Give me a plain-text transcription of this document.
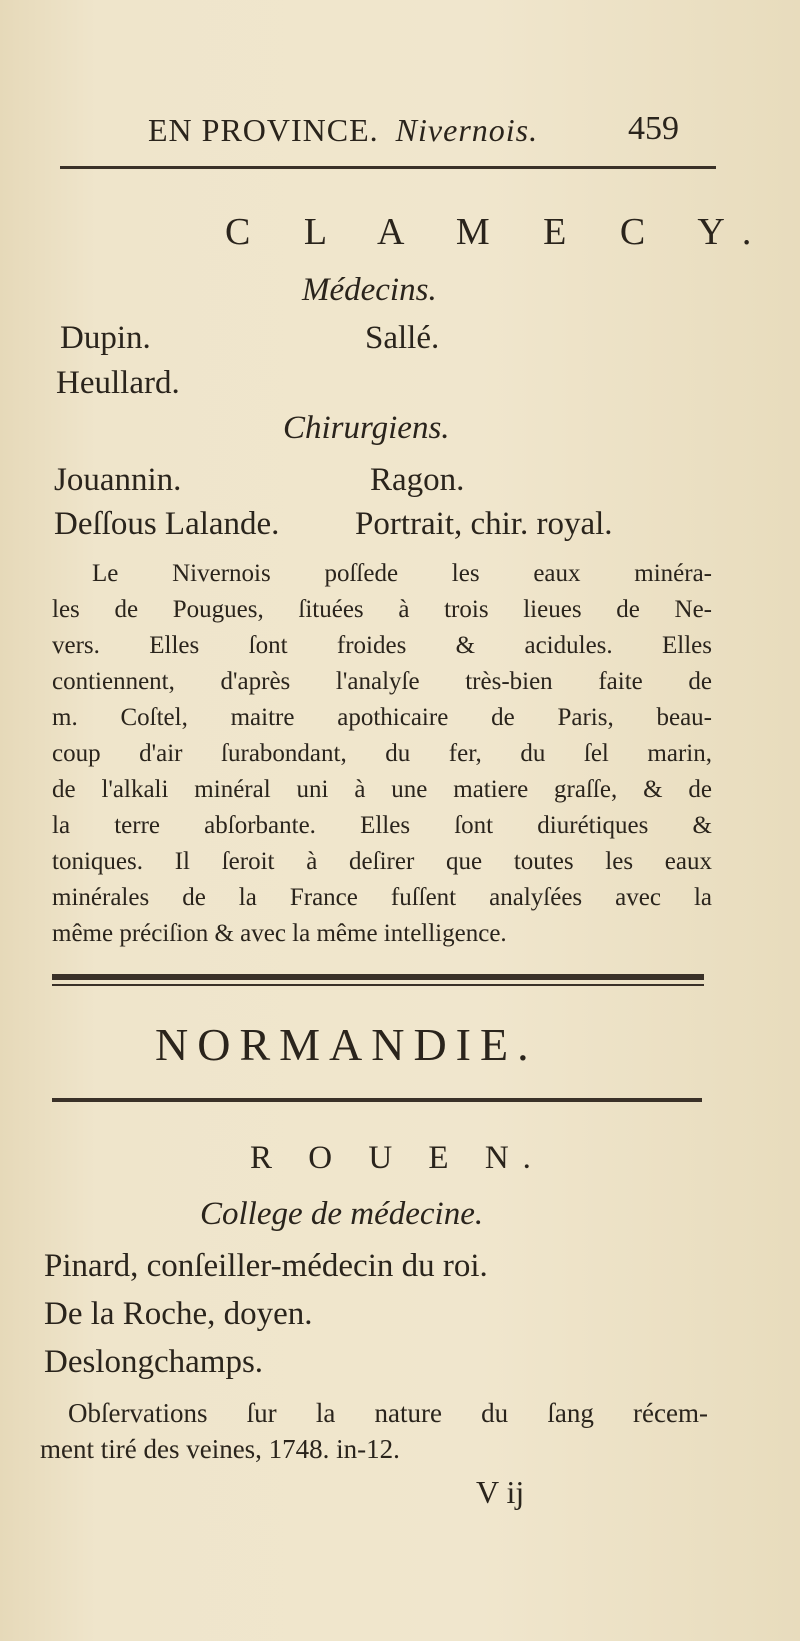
EN PROVINCE. Nivernois.	459
C L A M E C Y.
Médecins.
Dupin.	Sallé.
Heullard.
Chirurgiens.
Jouannin.	Ragon.
Deſſous Lalande. Portrait, chir. royal.
Le Nivernois poſſede les eaux minéra-
les de Pougues, ſituées à trois lieues de Ne-
vers. Elles ſont froides & acidules. Elles
contiennent, d'après l'analyſe très-bien faite de
m. Coſtel, maitre apothicaire de Paris, beau-
coup d'air ſurabondant, du fer, du ſel marin,
de l'alkali minéral uni à une matiere graſſe, & de
la terre abſorbante. Elles ſont diurétiques &
toniques. Il ſeroit à deſirer que toutes les eaux
minérales de la France fuſſent analyſées avec la
même préciſion & avec la même intelligence.
NORMANDIE.
R O U E N.
College de médecine.
Pinard, conſeiller-médecin du roi.
De la Roche, doyen.
Deslongchamps.
Obſervations ſur la nature du ſang récem-
ment tiré des veines, 1748. in-12.
V ij
